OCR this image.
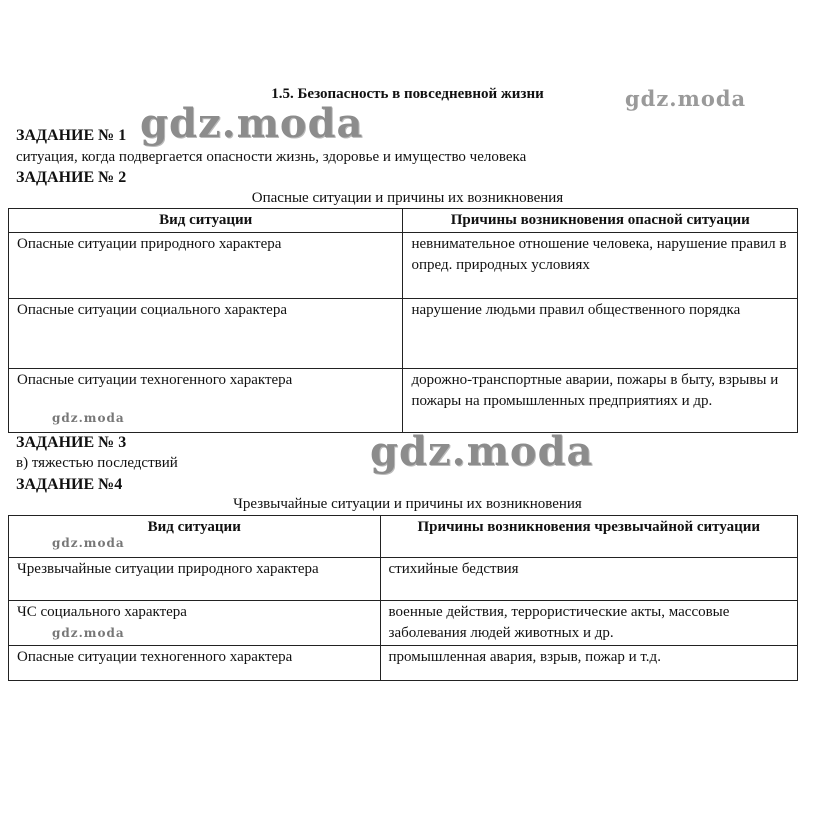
1.5. Безопасность в повседневной жизни
ЗАДАНИЕ № 1
ситуация, когда подвергается опасности жизнь, здоровье и имущество человека
ЗАДАНИЕ № 2
Опасные ситуации и причины их возникновения
Вид ситуации	Причины возникновения опасной ситуации
Опасные ситуации природного характера	невнимательное отношение человека, нарушение правил в опред. природных условиях
Опасные ситуации социального характера	нарушение людьми правил общественного порядка
Опасные ситуации техногенного характера	дорожно-транспортные аварии, пожары в быту, взрывы и пожары на промышленных предприятиях и др.
ЗАДАНИЕ № 3
в) тяжестью последствий
ЗАДАНИЕ №4
Чрезвычайные ситуации и причины их возникновения
Вид ситуации	Причины возникновения чрезвычайной ситуации
Чрезвычайные ситуации природного характера	стихийные бедствия
ЧС социального характера	военные действия, террористические акты, массовые заболевания людей животных и др.
Опасные ситуации техногенного характера	промышленная авария, взрыв, пожар и т.д.
gdz.moda
gdz.moda
gdz.moda
gdz.moda
gdz.moda
gdz.moda
